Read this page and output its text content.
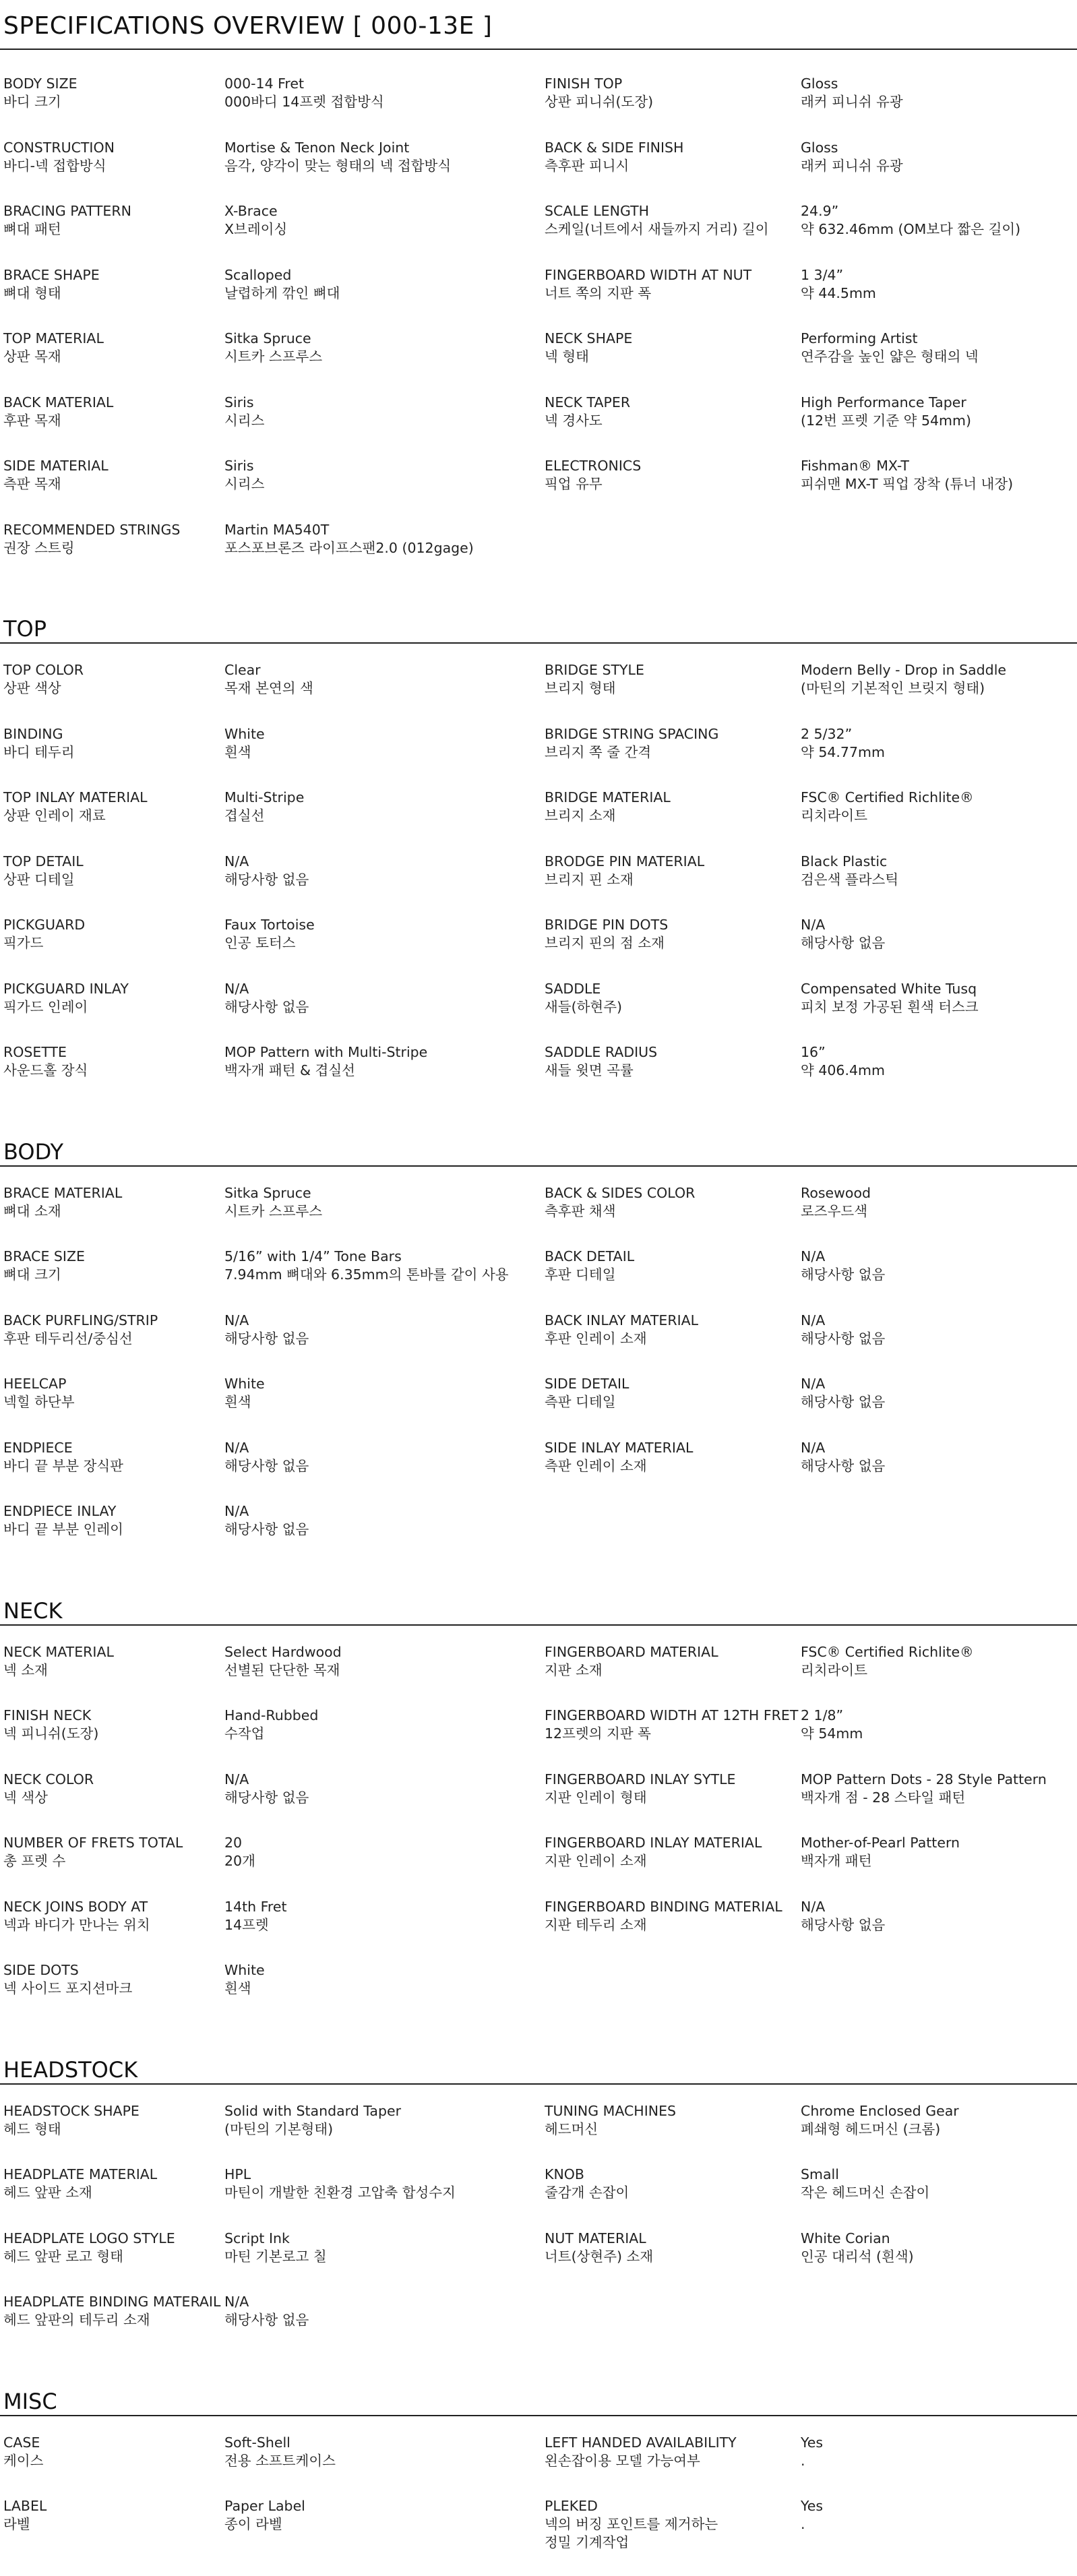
SPECIFICATIONS OVERVIEW [ 000-13E ]
BODY SIZE
바디 크기
000-14 Fret
000바디 14프렛 접합방식
FINISH TOP
상판 피니쉬(도장)
Gloss
래커 피니쉬 유광
CONSTRUCTION
바디-넥 접합방식
Mortise & Tenon Neck Joint
음각, 양각이 맞는 형태의 넥 접합방식
BACK & SIDE FINISH
측후판 피니시
Gloss
래커 피니쉬 유광
BRACING PATTERN
뼈대 패턴
X-Brace
X브레이싱
SCALE LENGTH
스케일(너트에서 새들까지 거리) 길이
24.9”
약 632.46mm (OM보다 짧은 길이)
BRACE SHAPE
뼈대 형태
Scalloped
날렵하게 깎인 뼈대
FINGERBOARD WIDTH AT NUT
너트 쪽의 지판 폭
1 3/4”
약 44.5mm
TOP MATERIAL
상판 목재
Sitka Spruce
시트카 스프루스
NECK SHAPE
넥 형태
Performing Artist
연주감을 높인 얇은 형태의 넥
BACK MATERIAL
후판 목재
Siris
시리스
NECK TAPER
넥 경사도
High Performance Taper
(12번 프렛 기준 약 54mm)
SIDE MATERIAL
측판 목재
Siris
시리스
ELECTRONICS
픽업 유무
Fishman® MX-T
피쉬맨 MX-T 픽업 장착 (튜너 내장)
RECOMMENDED STRINGS
권장 스트링
Martin MA540T
포스포브론즈 라이프스팬2.0 (012gage)
TOP
TOP COLOR
상판 색상
Clear
목재 본연의 색
BRIDGE STYLE
브리지 형태
Modern Belly - Drop in Saddle
(마틴의 기본적인 브릿지 형태)
BINDING
바디 테두리
White
흰색
BRIDGE STRING SPACING
브리지 쪽 줄 간격
2 5/32”
약 54.77mm
TOP INLAY MATERIAL
상판 인레이 재료
Multi-Stripe
겹실선
BRIDGE MATERIAL
브리지 소재
FSC® Certified Richlite®
리치라이트
TOP DETAIL
상판 디테일
N/A
해당사항 없음
BRODGE PIN MATERIAL
브리지 핀 소재
Black Plastic
검은색 플라스틱
PICKGUARD
픽가드
Faux Tortoise
인공 토터스
BRIDGE PIN DOTS
브리지 핀의 점 소재
N/A
해당사항 없음
PICKGUARD INLAY
픽가드 인레이
N/A
해당사항 없음
SADDLE
새들(하현주)
Compensated White Tusq
피치 보정 가공된 흰색 터스크
ROSETTE
사운드홀 장식
MOP Pattern with Multi-Stripe
백자개 패턴 & 겹실선
SADDLE RADIUS
새들 윗면 곡률
16”
약 406.4mm
BODY
BRACE MATERIAL
뼈대 소재
Sitka Spruce
시트카 스프루스
BACK & SIDES COLOR
측후판 채색
Rosewood
로즈우드색
BRACE SIZE
뼈대 크기
5/16” with 1/4” Tone Bars
7.94mm 뼈대와 6.35mm의 톤바를 같이 사용
BACK DETAIL
후판 디테일
N/A
해당사항 없음
BACK PURFLING/STRIP
후판 테두리선/중심선
N/A
해당사항 없음
BACK INLAY MATERIAL
후판 인레이 소재
N/A
해당사항 없음
HEELCAP
넥힐 하단부
White
흰색
SIDE DETAIL
측판 디테일
N/A
해당사항 없음
ENDPIECE
바디 끝 부분 장식판
N/A
해당사항 없음
SIDE INLAY MATERIAL
측판 인레이 소재
N/A
해당사항 없음
ENDPIECE INLAY
바디 끝 부분 인레이
N/A
해당사항 없음
NECK
NECK MATERIAL
넥 소재
Select Hardwood
선별된 단단한 목재
FINGERBOARD MATERIAL
지판 소재
FSC® Certified Richlite®
리치라이트
FINISH NECK
넥 피니쉬(도장)
Hand-Rubbed
수작업
FINGERBOARD WIDTH AT 12TH FRET
12프렛의 지판 폭
2 1/8”
약 54mm
NECK COLOR
넥 색상
N/A
해당사항 없음
FINGERBOARD INLAY SYTLE
지판 인레이 형태
MOP Pattern Dots - 28 Style Pattern
백자개 점 - 28 스타일 패턴
NUMBER OF FRETS TOTAL
총 프렛 수
20
20개
FINGERBOARD INLAY MATERIAL
지판 인레이 소재
Mother-of-Pearl Pattern
백자개 패턴
NECK JOINS BODY AT
넥과 바디가 만나는 위치
14th Fret
14프렛
FINGERBOARD BINDING MATERIAL
지판 테두리 소재
N/A
해당사항 없음
SIDE DOTS
넥 사이드 포지션마크
White
흰색
HEADSTOCK
HEADSTOCK SHAPE
헤드 형태
Solid with Standard Taper
(마틴의 기본형태)
TUNING MACHINES
헤드머신
Chrome Enclosed Gear
폐쇄형 헤드머신 (크롬)
HEADPLATE MATERIAL
헤드 앞판 소재
HPL
마틴이 개발한 친환경 고압축 합성수지
KNOB
줄감개 손잡이
Small
작은 헤드머신 손잡이
HEADPLATE LOGO STYLE
헤드 앞판 로고 형태
Script Ink
마틴 기본로고 칠
NUT MATERIAL
너트(상현주) 소재
White Corian
인공 대리석 (흰색)
HEADPLATE BINDING MATERAIL
헤드 앞판의 테두리 소재
N/A
해당사항 없음
MISC
CASE
케이스
Soft-Shell
전용 소프트케이스
LEFT HANDED AVAILABILITY
왼손잡이용 모델 가능여부
Yes
.
LABEL
라벨
Paper Label
종이 라벨
PLEKED
넥의 버징 포인트를 제거하는
정밀 기계작업
Yes
.
